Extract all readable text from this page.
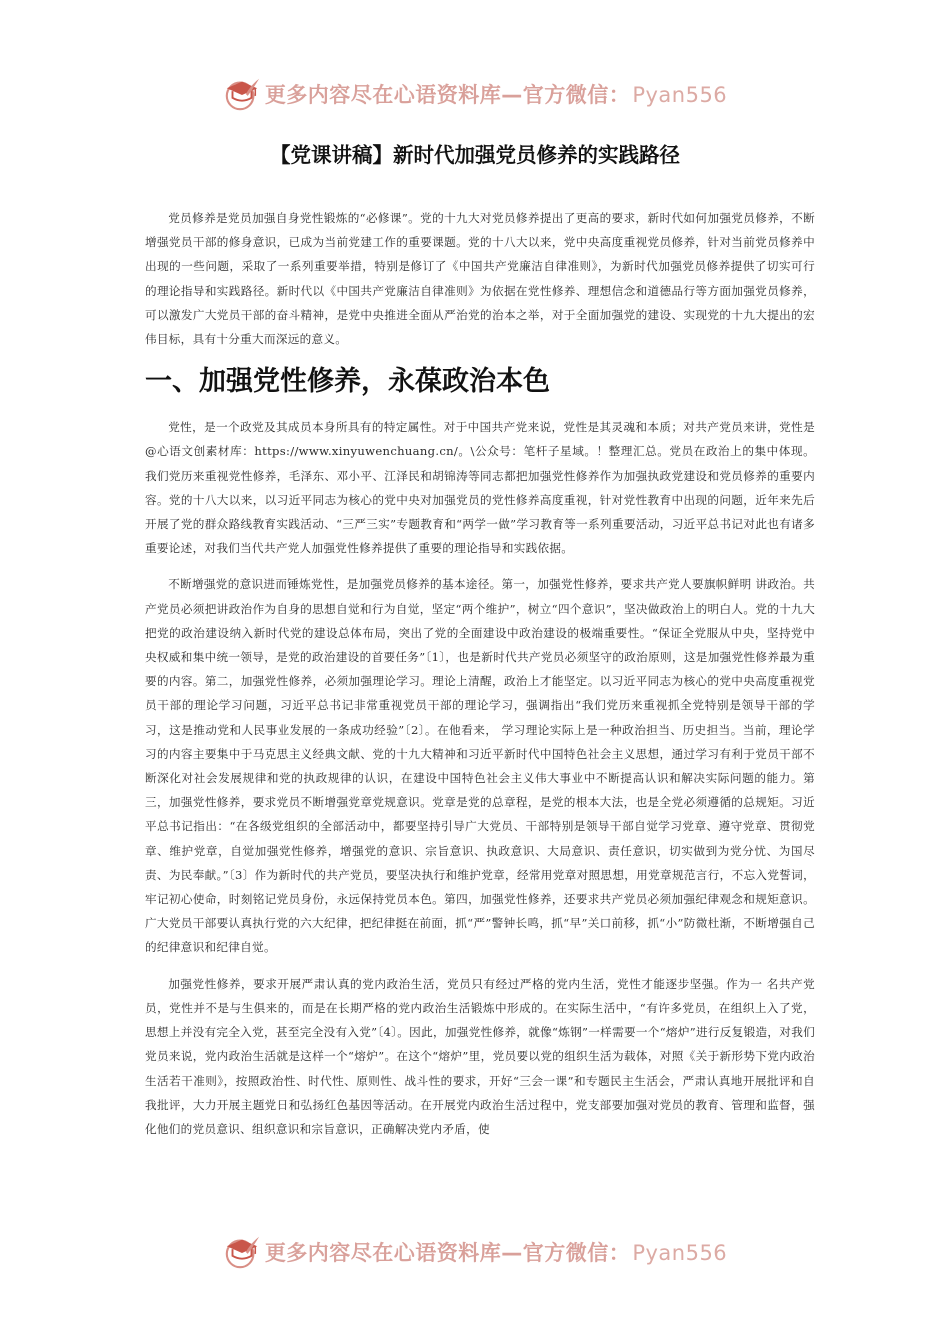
更多内容尽在心语资料库—官方微信：Pyan556
【党课讲稿】新时代加强党员修养的实践路径

党员修养是党员加强自身党性锻炼的“必修课”。党的十九大对党员修养提出了更高的要求，新时代如何加强党员修养，不断增强党员干部的修身意识，已成为当前党建工作的重要课题。党的十八大以来，党中央高度重视党员修养，针对当前党员修养中出现的一些问题，采取了一系列重要举措，特别是修订了《中国共产党廉洁自律准则》，为新时代加强党员修养提供了切实可行的理论指导和实践路径。新时代以《中国共产党廉洁自律准则》为依据在党性修养、理想信念和道德品行等方面加强党员修养，可以激发广大党员干部的奋斗精神，是党中央推进全面从严治党的治本之举，对于全面加强党的建设、实现党的十九大提出的宏伟目标，具有十分重大而深远的意义。

一、加强党性修养，永葆政治本色

党性，是一个政党及其成员本身所具有的特定属性。对于中国共产党来说，党性是其灵魂和本质；对共产党员来讲，党性是@心语文创素材库：https://www.xinyuwenchuang.cn/。\公众号：笔杆子星域。！整理汇总。党员在政治上的集中体现。我们党历来重视党性修养，毛泽东、邓小平、江泽民和胡锦涛等同志都把加强党性修养作为加强执政党建设和党员修养的重要内容。党的十八大以来，以习近平同志为核心的党中央对加强党员的党性修养高度重视，针对党性教育中出现的问题，近年来先后开展了党的群众路线教育实践活动、“三严三实”专题教育和“两学一做”学习教育等一系列重要活动，习近平总书记对此也有诸多重要论述，对我们当代共产党人加强党性修养提供了重要的理论指导和实践依据。

不断增强党的意识进而锤炼党性，是加强党员修养的基本途径。第一，加强党性修养，要求共产党人要旗帜鲜明 讲政治。共产党员必须把讲政治作为自身的思想自觉和行为自觉，坚定“两个维护”，树立“四个意识”，坚决做政治上的明白人。党的十九大把党的政治建设纳入新时代党的建设总体布局，突出了党的全面建设中政治建设的极端重要性。“保证全党服从中央，坚持党中央权威和集中统一领导，是党的政治建设的首要任务”〔1〕，也是新时代共产党员必须坚守的政治原则，这是加强党性修养最为重要的内容。第二，加强党性修养，必须加强理论学习。理论上清醒，政治上才能坚定。以习近平同志为核心的党中央高度重视党员干部的理论学习问题，习近平总书记非常重视党员干部的理论学习，强调指出“我们党历来重视抓全党特别是领导干部的学习，这是推动党和人民事业发展的一条成功经验”〔2〕。在他看来， 学习理论实际上是一种政治担当、历史担当。当前，理论学习的内容主要集中于马克思主义经典文献、党的十九大精神和习近平新时代中国特色社会主义思想，通过学习有利于党员干部不断深化对社会发展规律和党的执政规律的认识，在建设中国特色社会主义伟大事业中不断提高认识和解决实际问题的能力。第三，加强党性修养，要求党员不断增强党章党规意识。党章是党的总章程，是党的根本大法，也是全党必须遵循的总规矩。习近平总书记指出：“在各级党组织的全部活动中，都要坚持引导广大党员、干部特别是领导干部自觉学习党章、遵守党章、贯彻党章、维护党章，自觉加强党性修养，增强党的意识、宗旨意识、执政意识、大局意识、责任意识，切实做到为党分忧、为国尽责、为民奉献。”〔3〕作为新时代的共产党员，要坚决执行和维护党章，经常用党章对照思想，用党章规范言行，不忘入党誓词，牢记初心使命，时刻铭记党员身份，永远保持党员本色。第四，加强党性修养，还要求共产党员必须加强纪律观念和规矩意识。广大党员干部要认真执行党的六大纪律，把纪律挺在前面，抓“严”警钟长鸣，抓“早”关口前移，抓“小”防微杜渐，不断增强自己的纪律意识和纪律自觉。

加强党性修养，要求开展严肃认真的党内政治生活，党员只有经过严格的党内生活，党性才能逐步坚强。作为一 名共产党员，党性并不是与生俱来的，而是在长期严格的党内政治生活锻炼中形成的。在实际生活中，“有许多党员，在组织上入了党，思想上并没有完全入党，甚至完全没有入党”〔4〕。因此，加强党性修养，就像“炼钢”一样需要一个“熔炉”进行反复锻造，对我们党员来说，党内政治生活就是这样一个“熔炉”。在这个“熔炉”里，党员要以党的组织生活为载体，对照《关于新形势下党内政治生活若干准则》，按照政治性、时代性、原则性、战斗性的要求，开好“三会一课”和专题民主生活会，严肃认真地开展批评和自我批评，大力开展主题党日和弘扬红色基因等活动。在开展党内政治生活过程中，党支部要加强对党员的教育、管理和监督，强化他们的党员意识、组织意识和宗旨意识，正确解决党内矛盾，使

更多内容尽在心语资料库—官方微信：Pyan556
